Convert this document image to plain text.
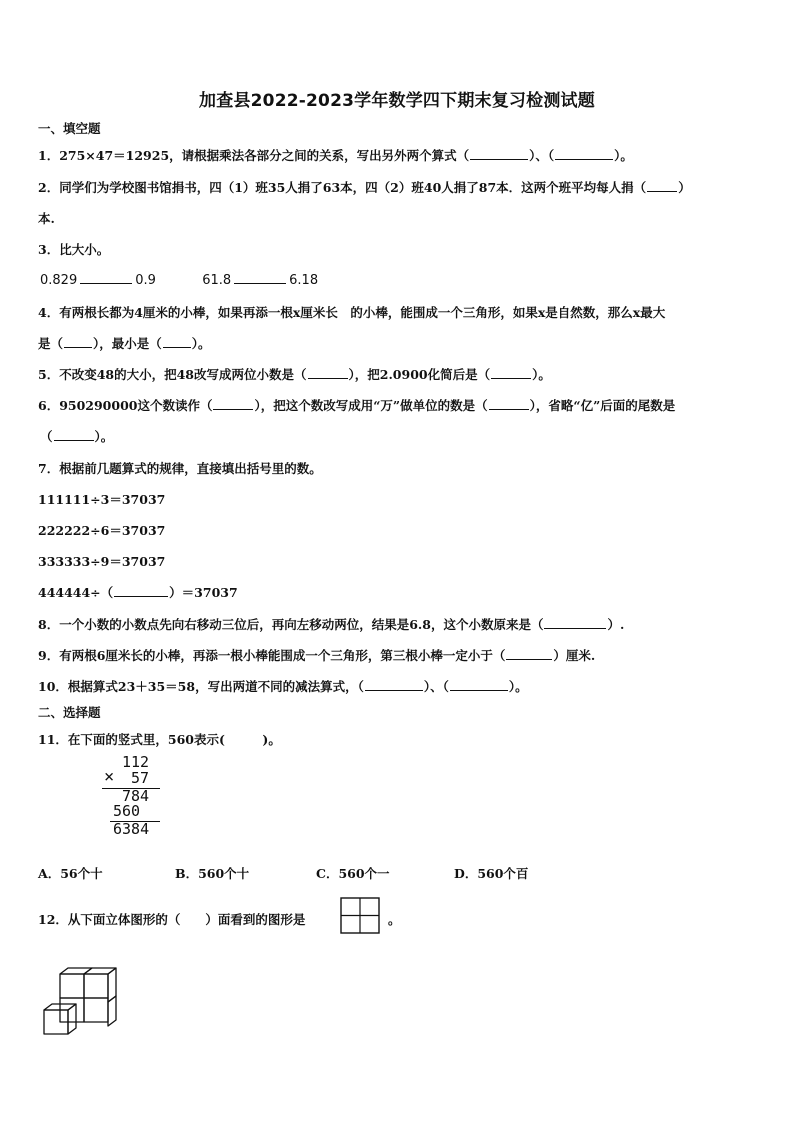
加查县2022-2023学年数学四下期末复习检测试题
一、填空题
1．275×47＝12925，请根据乘法各部分之间的关系，写出另外两个算式（	）、（	）。
2．同学们为学校图书馆捐书，四（1）班35人捐了63本，四（2）班40人捐了87本．这两个班平均每人捐（	）
本.
3．比大小。
0.829	0.9	61.8	6.18
4．有两根长都为4厘米的小棒，如果再添一根x厘米长　的小棒，能围成一个三角形，如果x是自然数，那么x最大
是（ ），最小是（ ）。
5．不改变48的大小，把48改写成两位小数是（	），把2.0900化简后是（	）。
6．950290000这个数读作（	），把这个数改写成用“万”做单位的数是（	），省略“亿”后面的尾数是
（	）。
7．根据前几题算式的规律，直接填出括号里的数。
111111÷3＝37037
222222÷6＝37037
333333÷9＝37037
444444÷（	）＝37037
8．一个小数的小数点先向右移动三位后，再向左移动两位，结果是6.8，这个小数原来是（	）.
9．有两根6厘米长的小棒，再添一根小棒能围成一个三角形，第三根小棒一定小于（	）厘米.
10．根据算式23＋35＝58，写出两道不同的减法算式，（	）、（	）。
二、选择题
11．在下面的竖式里，560表示(　　　)。
112
× 57
784
560
6384
A．56个十	B．560个十	C．560个一	D．560个百
12．从下面立体图形的（　　）面看到的图形是	。
